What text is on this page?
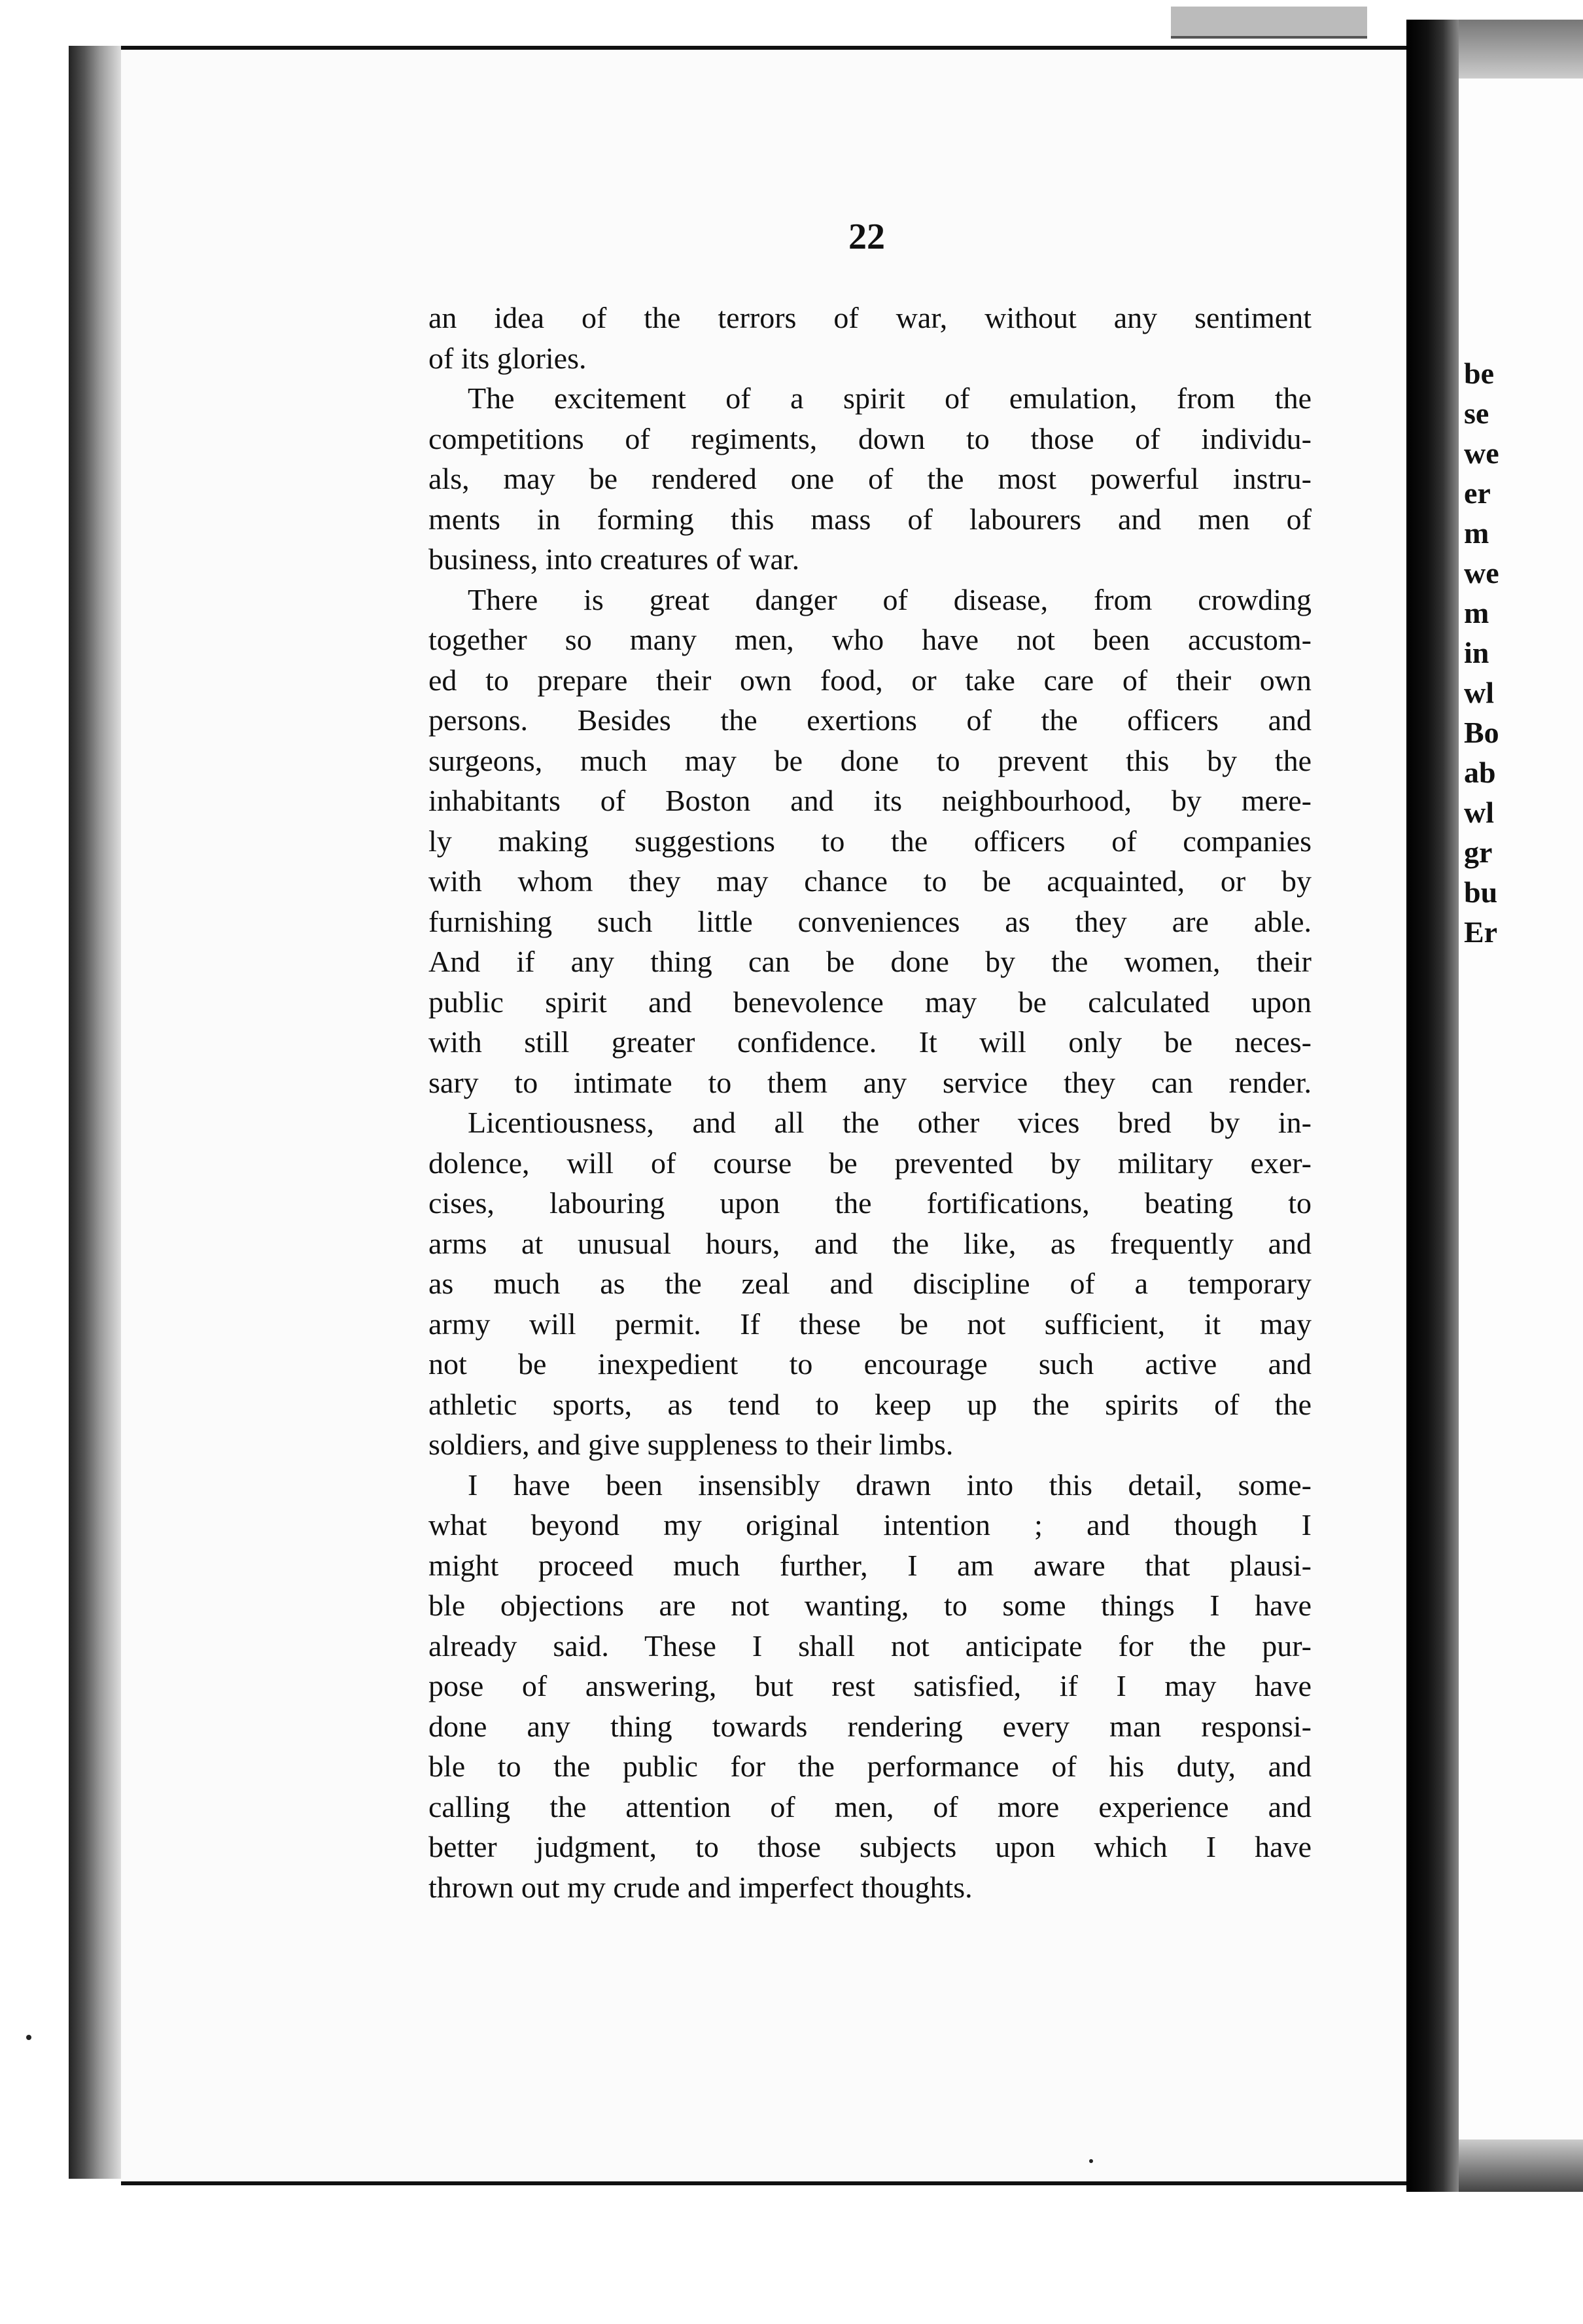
22
an idea of the terrors of war, without any sentiment
of its glories.
The excitement of a spirit of emulation, from the
competitions of regiments, down to those of individu-
als, may be rendered one of the most powerful instru-
ments in forming this mass of labourers and men of
business, into creatures of war.
There is great danger of disease, from crowding
together so many men, who have not been accustom-
ed to prepare their own food, or take care of their own
persons. Besides the exertions of the officers and
surgeons, much may be done to prevent this by the
inhabitants of Boston and its neighbourhood, by mere-
ly making suggestions to the officers of companies
with whom they may chance to be acquainted, or by
furnishing such little conveniences as they are able.
And if any thing can be done by the women, their
public spirit and benevolence may be calculated upon
with still greater confidence. It will only be neces-
sary to intimate to them any service they can render.
Licentiousness, and all the other vices bred by in-
dolence, will of course be prevented by military exer-
cises, labouring upon the fortifications, beating to
arms at unusual hours, and the like, as frequently and
as much as the zeal and discipline of a temporary
army will permit. If these be not sufficient, it may
not be inexpedient to encourage such active and
athletic sports, as tend to keep up the spirits of the
soldiers, and give suppleness to their limbs.
I have been insensibly drawn into this detail, some-
what beyond my original intention ; and though I
might proceed much further, I am aware that plausi-
ble objections are not wanting, to some things I have
already said. These I shall not anticipate for the pur-
pose of answering, but rest satisfied, if I may have
done any thing towards rendering every man responsi-
ble to the public for the performance of his duty, and
calling the attention of men, of more experience and
better judgment, to those subjects upon which I have
thrown out my crude and imperfect thoughts.
be
se
we
er
m
we
m
in
wl
Bo
ab
wl
gr
bu
Er
